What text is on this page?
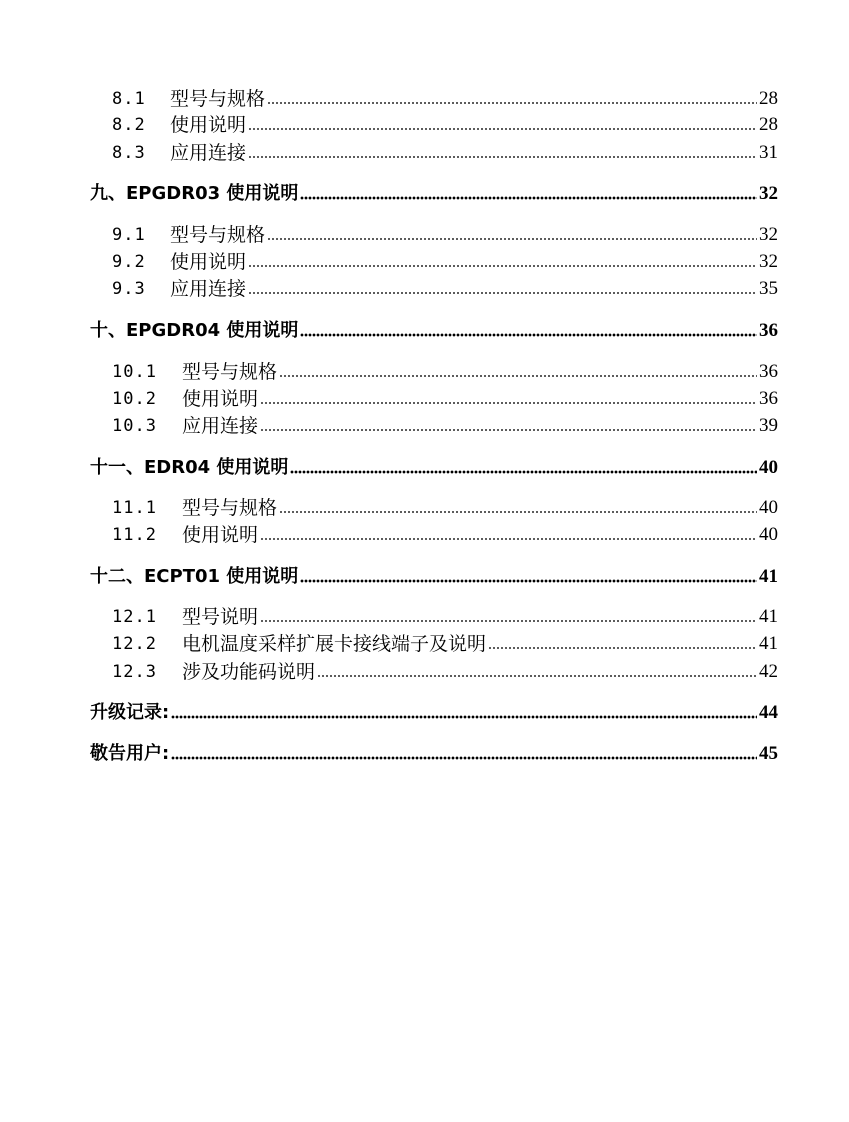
8.1	型号与规格	28
8.2	使用说明	28
8.3	应用连接	31
九、EPGDR03 使用说明	32
9.1	型号与规格	32
9.2	使用说明	32
9.3	应用连接	35
十、EPGDR04 使用说明	36
10.1	型号与规格	36
10.2	使用说明	36
10.3	应用连接	39
十一、EDR04 使用说明	40
11.1	型号与规格	40
11.2	使用说明	40
十二、ECPT01 使用说明	41
12.1	型号说明	41
12.2	电机温度采样扩展卡接线端子及说明	41
12.3	涉及功能码说明	42
升级记录:	44
敬告用户:	45
